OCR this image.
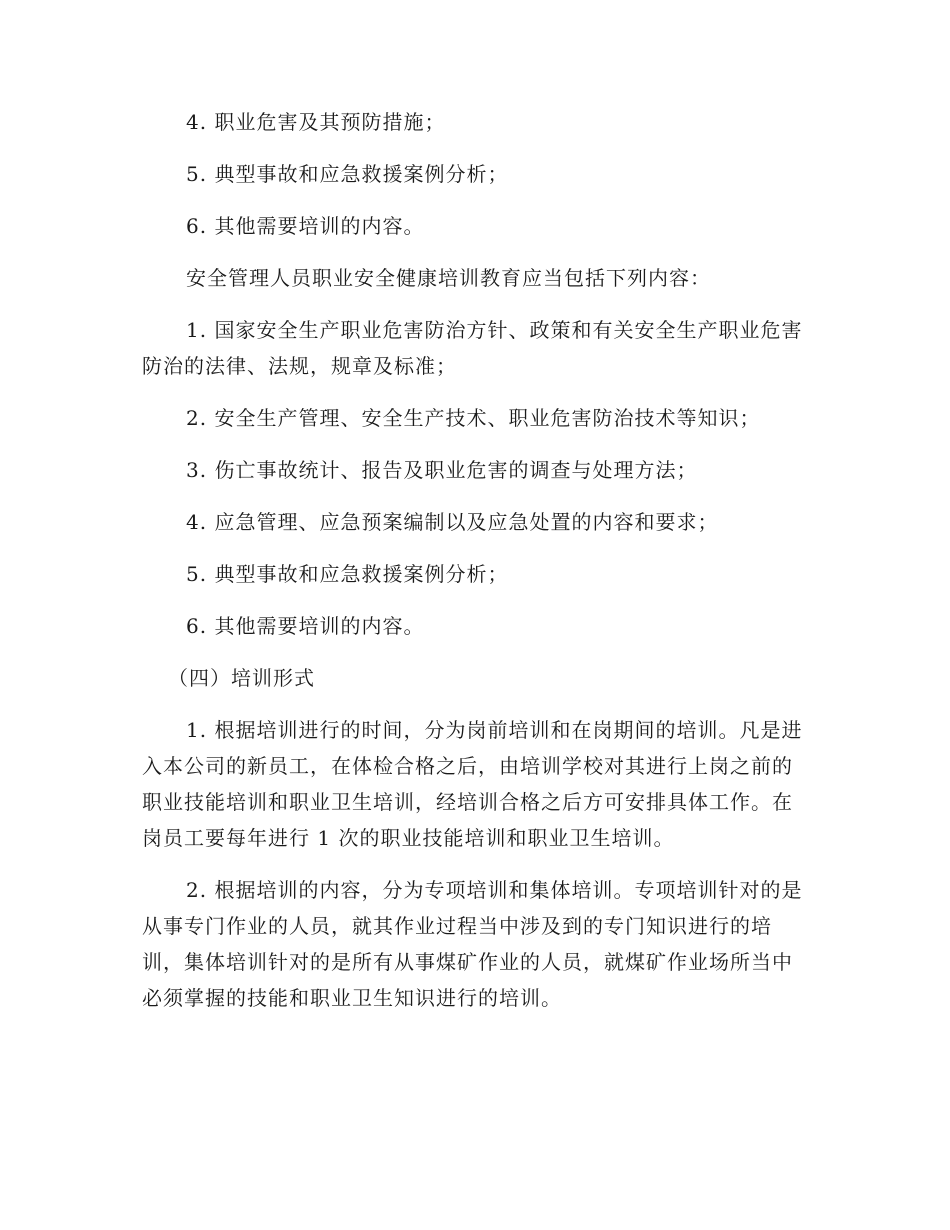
4. 职业危害及其预防措施；

5. 典型事故和应急救援案例分析；

6. 其他需要培训的内容。

安全管理人员职业安全健康培训教育应当包括下列内容：

1. 国家安全生产职业危害防治方针、政策和有关安全生产职业危害防治的法律、法规，规章及标准；

2. 安全生产管理、安全生产技术、职业危害防治技术等知识；

3. 伤亡事故统计、报告及职业危害的调查与处理方法；

4. 应急管理、应急预案编制以及应急处置的内容和要求；

5. 典型事故和应急救援案例分析；

6. 其他需要培训的内容。

（四）培训形式

1. 根据培训进行的时间，分为岗前培训和在岗期间的培训。凡是进入本公司的新员工，在体检合格之后，由培训学校对其进行上岗之前的职业技能培训和职业卫生培训，经培训合格之后方可安排具体工作。在岗员工要每年进行 1 次的职业技能培训和职业卫生培训。

2. 根据培训的内容，分为专项培训和集体培训。专项培训针对的是从事专门作业的人员，就其作业过程当中涉及到的专门知识进行的培训，集体培训针对的是所有从事煤矿作业的人员，就煤矿作业场所当中必须掌握的技能和职业卫生知识进行的培训。
